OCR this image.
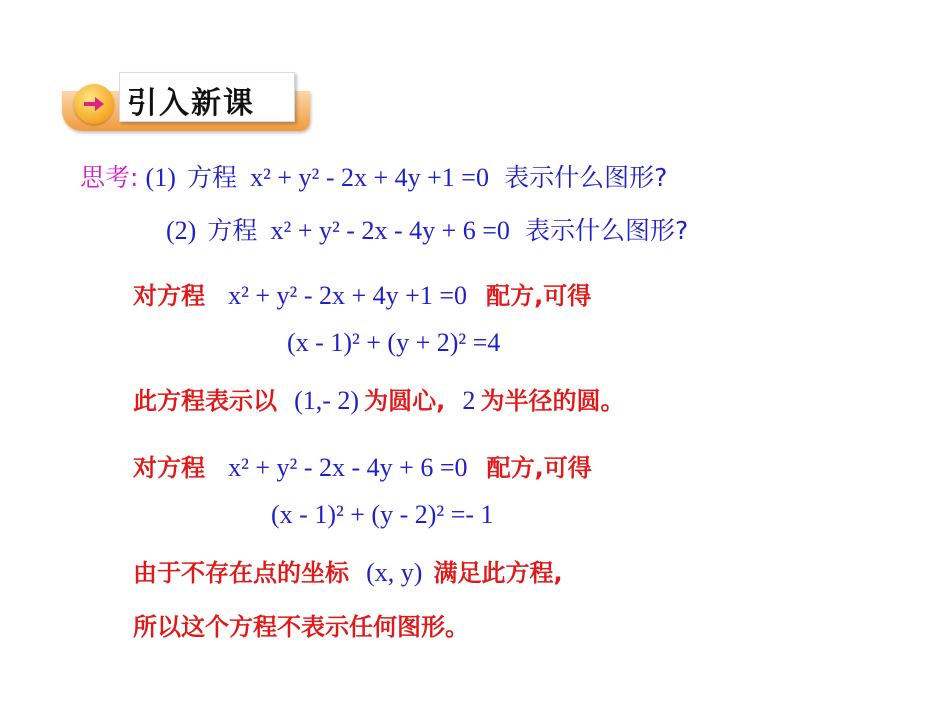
引入新课
思考: (1) 方程 x² + y² - 2x + 4y +1 =0 表示什么图形?
(2) 方程 x² + y² - 2x - 4y + 6 =0 表示什么图形?
对方程 x² + y² - 2x + 4y +1 =0 配方,可得
(x - 1)² + (y + 2)² =4
此方程表示以 (1,- 2) 为圆心, 2 为半径的圆。
对方程 x² + y² - 2x - 4y + 6 =0 配方,可得
(x - 1)² + (y - 2)² =- 1
由于不存在点的坐标 (x, y) 满足此方程,
所以这个方程不表示任何图形。
